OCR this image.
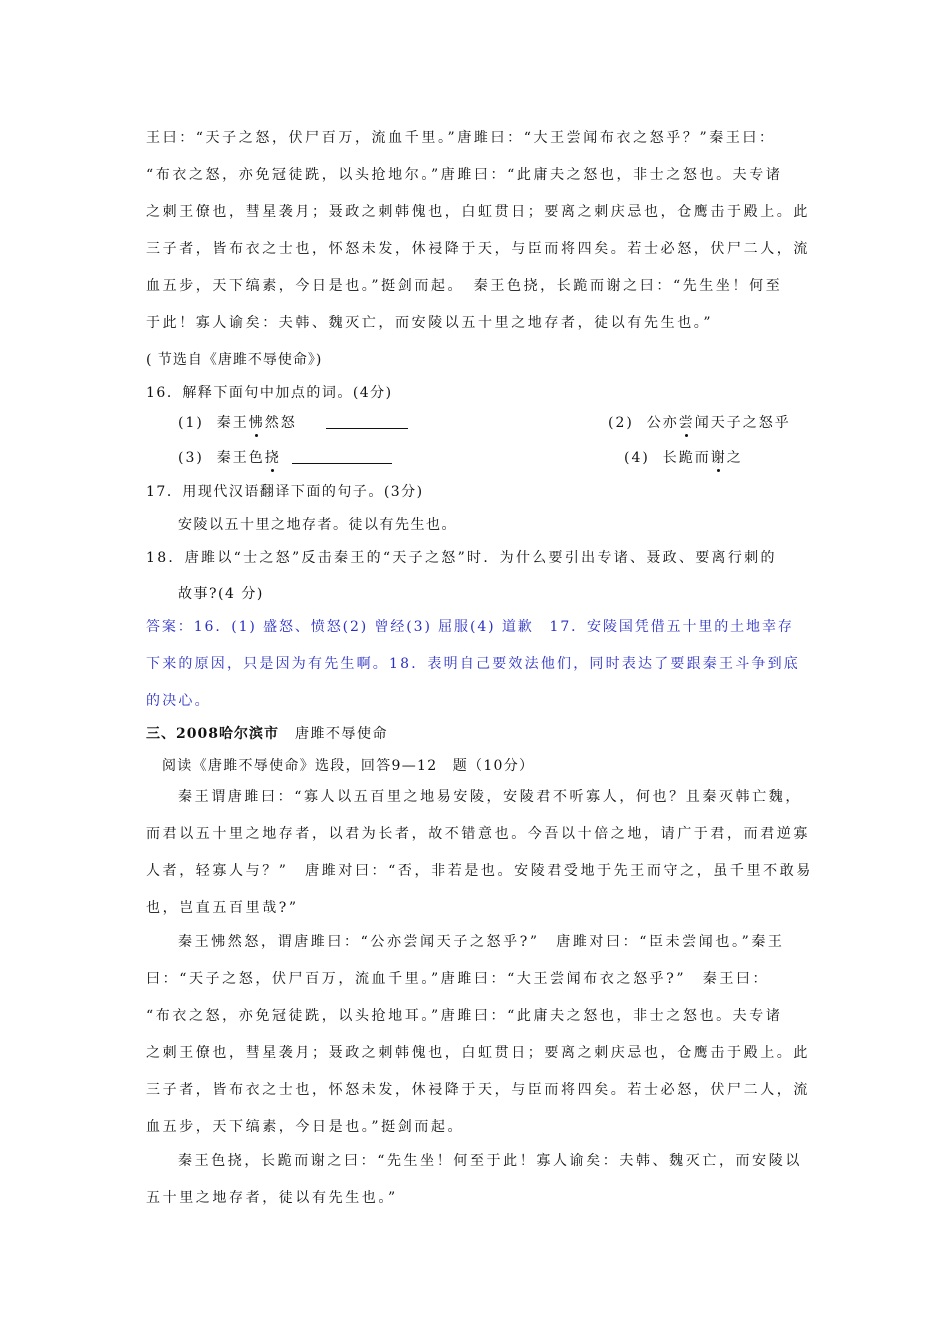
王曰：“天子之怒，伏尸百万，流血千里。”唐雎曰：“大王尝闻布衣之怒乎？”秦王曰：
“布衣之怒，亦免冠徒跣，以头抢地尔。”唐雎曰：“此庸夫之怒也，非士之怒也。夫专诸
之刺王僚也，彗星袭月；聂政之刺韩傀也，白虹贯日；要离之刺庆忌也，仓鹰击于殿上。此
三子者，皆布衣之士也，怀怒未发，休祲降于天，与臣而将四矣。若士必怒，伏尸二人，流
血五步，天下缟素，今日是也。”挺剑而起。　秦王色挠，长跪而谢之曰：“先生坐！何至
于此！寡人谕矣：夫韩、魏灭亡，而安陵以五十里之地存者，徒以有先生也。”
( 节选自《唐雎不辱使命》)
16．解释下面句中加点的词。(4分)
(1) 秦王怫然怒	(2) 公亦尝闻天子之怒乎
(3) 秦王色挠	(4) 长跪而谢之
17．用现代汉语翻译下面的句子。(3分)
安陵以五十里之地存者。徒以有先生也。
18．唐雎以“士之怒”反击秦王的“天子之怒”时．为什么要引出专诸、聂政、要离行刺的
故事?(4 分)
答案：16．(1) 盛怒、愤怒(2) 曾经(3) 屈服(4) 道歉　17．安陵国凭借五十里的土地幸存
下来的原因，只是因为有先生啊。18．表明自己要效法他们，同时表达了要跟秦王斗争到底
的决心。
三、2008哈尔滨市 唐雎不辱使命
阅读《唐雎不辱使命》选段，回答9—12　题（10分）
秦王谓唐雎曰：“寡人以五百里之地易安陵，安陵君不听寡人，何也？且秦灭韩亡魏，
而君以五十里之地存者，以君为长者，故不错意也。今吾以十倍之地，请广于君，而君逆寡
人者，轻寡人与？”　唐雎对曰：“否，非若是也。安陵君受地于先王而守之，虽千里不敢易
也，岂直五百里哉?”
秦王怫然怒，谓唐雎曰：“公亦尝闻天子之怒乎?”　唐雎对曰：“臣未尝闻也。”秦王
曰：“天子之怒，伏尸百万，流血千里。”唐雎曰：“大王尝闻布衣之怒乎?”　秦王曰：
“布衣之怒，亦免冠徒跣，以头抢地耳。”唐雎曰：“此庸夫之怒也，非士之怒也。夫专诸
之刺王僚也，彗星袭月；聂政之刺韩傀也，白虹贯日；要离之刺庆忌也，仓鹰击于殿上。此
三子者，皆布衣之士也，怀怒未发，休祲降于天，与臣而将四矣。若士必怒，伏尸二人，流
血五步，天下缟素，今日是也。”挺剑而起。
秦王色挠，长跪而谢之曰：“先生坐！何至于此！寡人谕矣：夫韩、魏灭亡，而安陵以
五十里之地存者，徒以有先生也。”
